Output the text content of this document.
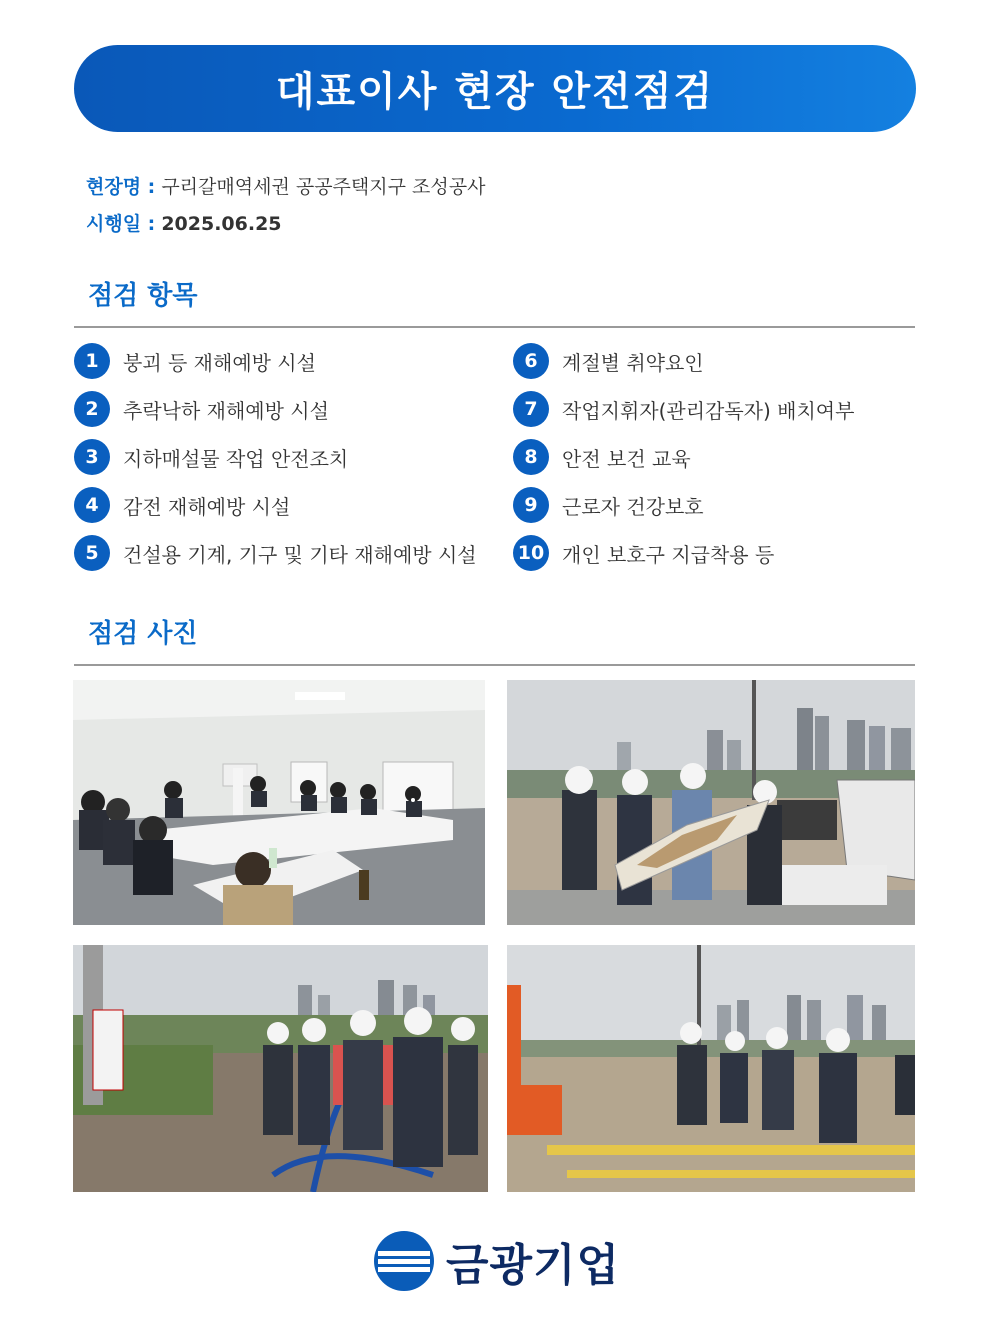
대표이사 현장 안전점검
현장명 : 구리갈매역세권 공공주택지구 조성공사
시행일 : 2025.06.25
점검 항목
1	붕괴 등 재해예방 시설
2	추락낙하 재해예방 시설
3	지하매설물 작업 안전조치
4	감전 재해예방 시설
5	건설용 기계, 기구 및 기타 재해예방 시설
6	계절별 취약요인
7	작업지휘자(관리감독자) 배치여부
8	안전 보건 교육
9	근로자 건강보호
10 개인 보호구 지급착용 등
점검 사진
금광기업
